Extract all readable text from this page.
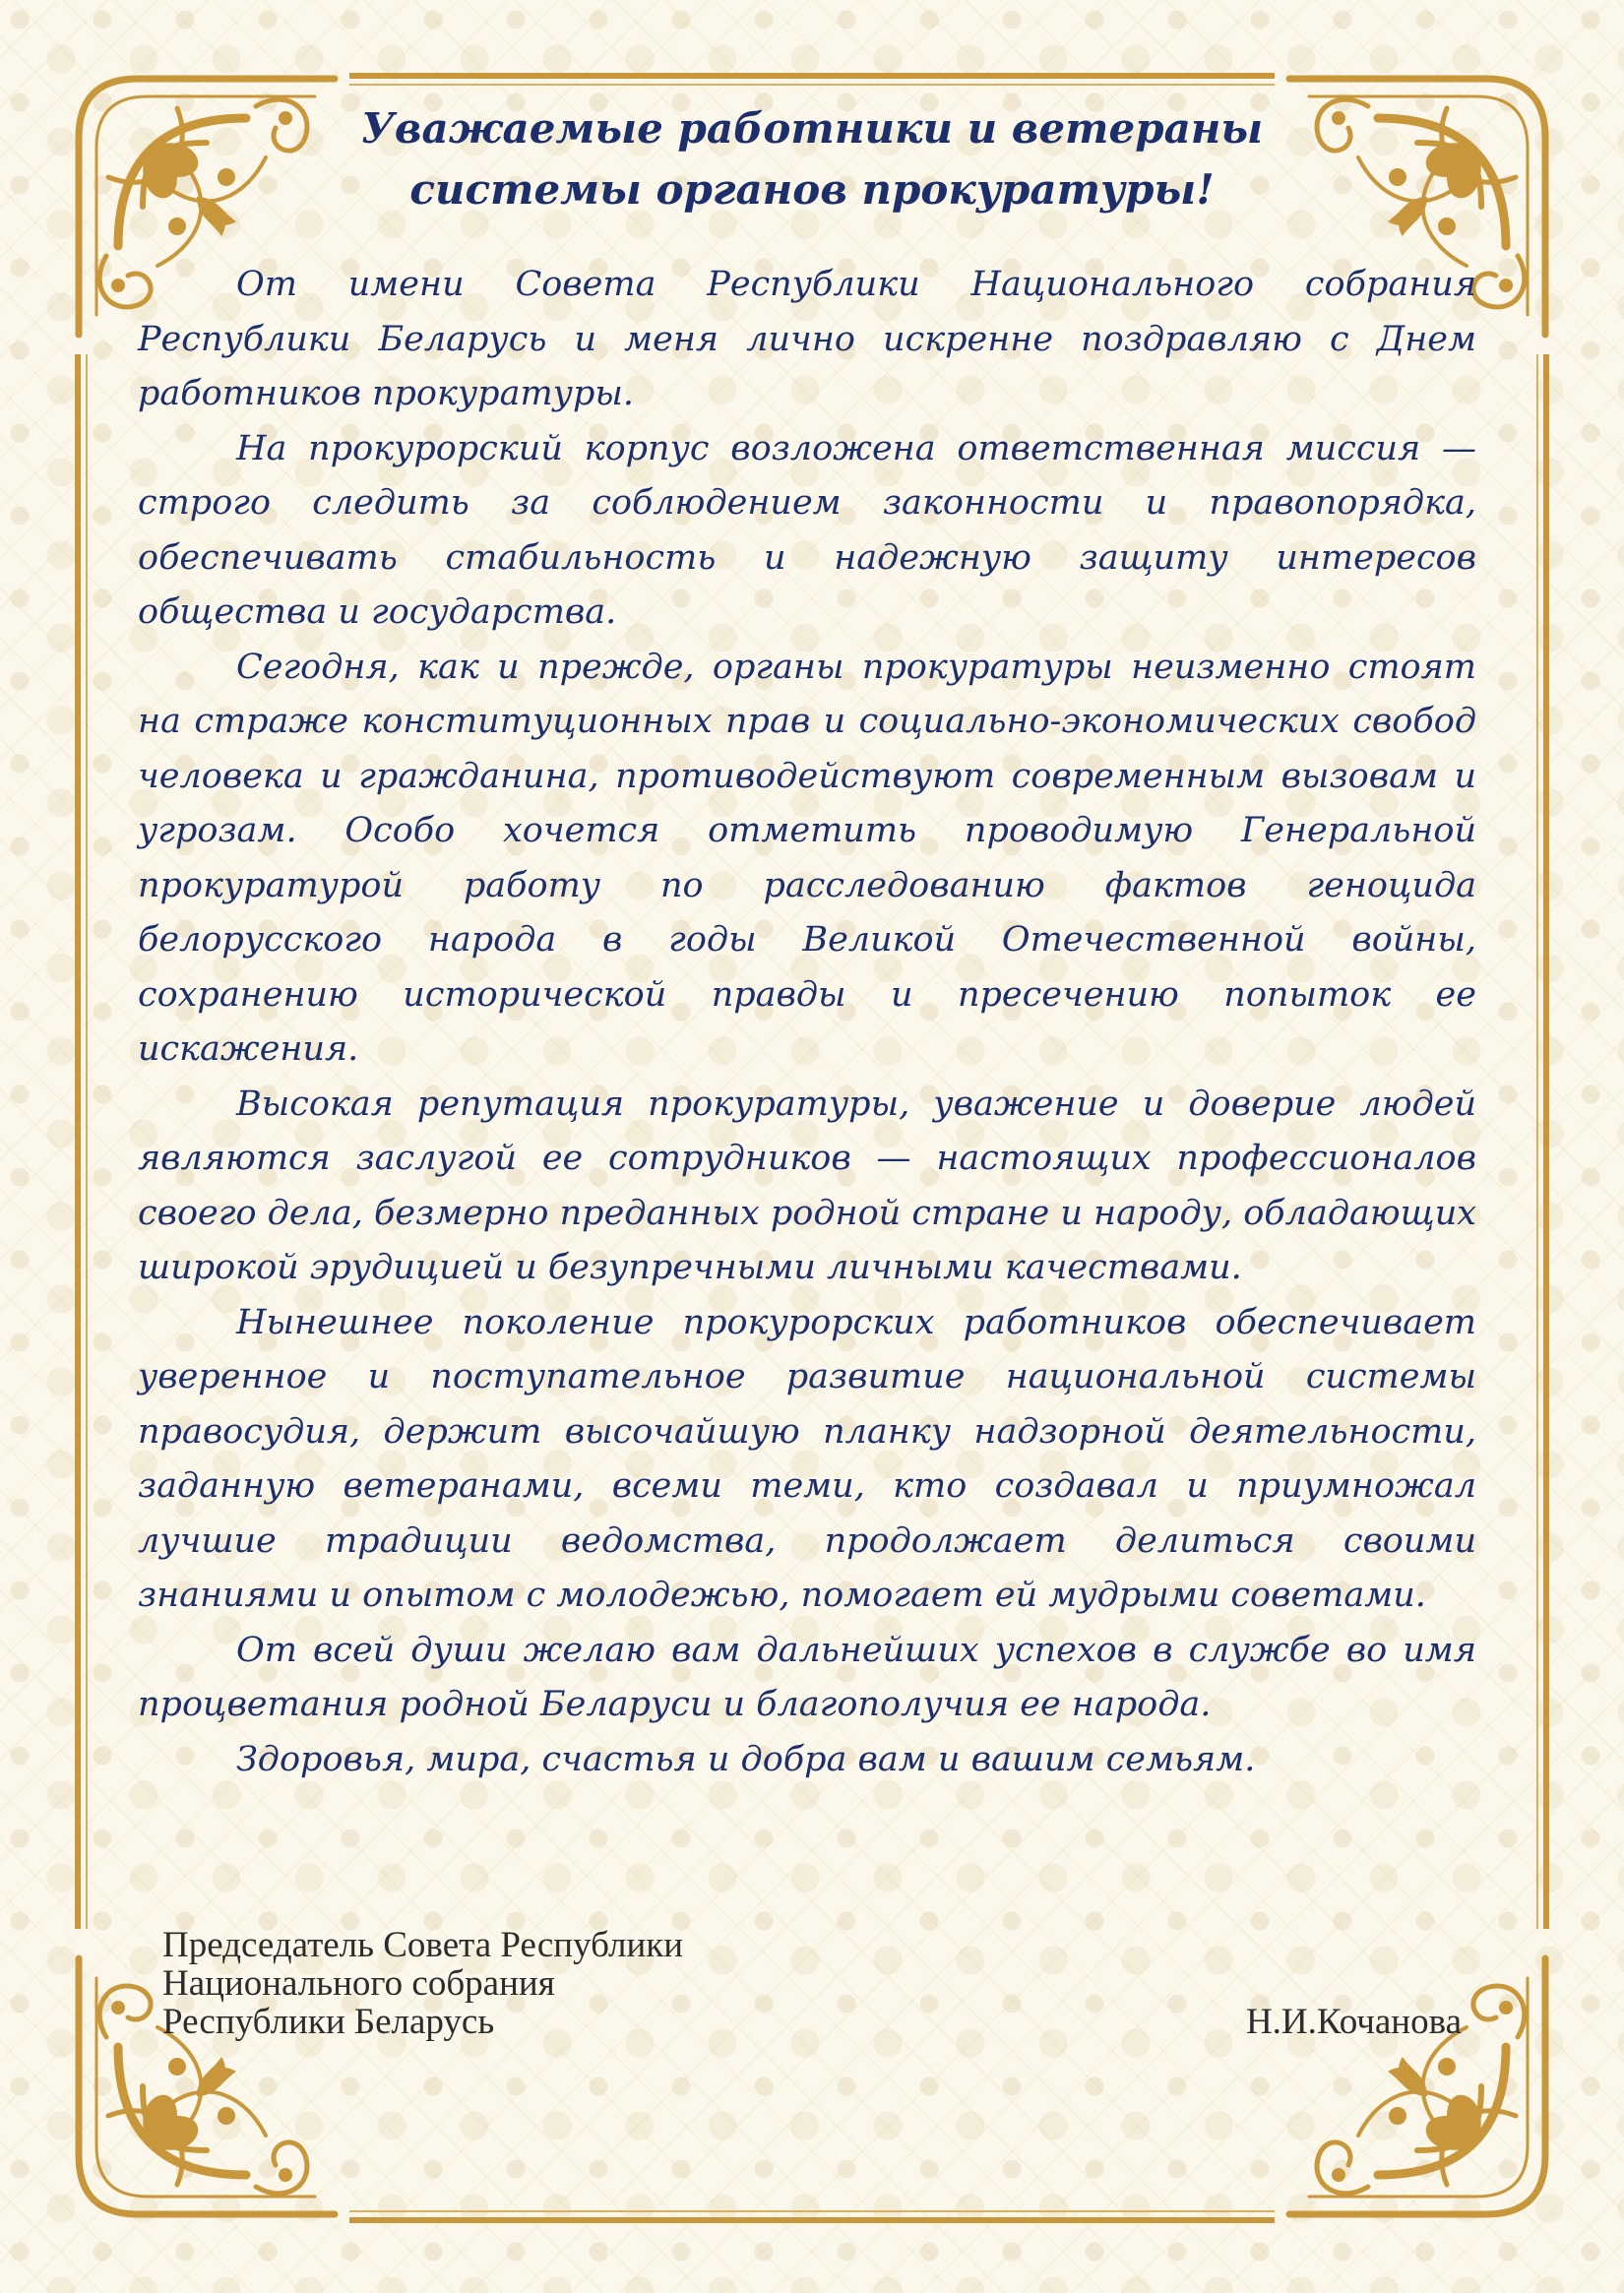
Уважаемые работники и ветераны
системы органов прокуратуры!

От имени Совета Республики Национального собрания Республики Беларусь и меня лично искренне поздравляю с Днем работников прокуратуры.

На прокурорский корпус возложена ответственная миссия — строго следить за соблюдением законности и правопорядка, обеспечивать стабильность и надежную защиту интересов общества и государства.

Сегодня, как и прежде, органы прокуратуры неизменно стоят на страже конституционных прав и социально-экономических свобод человека и гражданина, противодействуют современным вызовам и угрозам. Особо хочется отметить проводимую Генеральной прокуратурой работу по расследованию фактов геноцида белорусского народа в годы Великой Отечественной войны, сохранению исторической правды и пресечению попыток ее искажения.

Высокая репутация прокуратуры, уважение и доверие людей являются заслугой ее сотрудников — настоящих профессионалов своего дела, безмерно преданных родной стране и народу, обладающих широкой эрудицией и безупречными личными качествами.

Нынешнее поколение прокурорских работников обеспечивает уверенное и поступательное развитие национальной системы правосудия, держит высочайшую планку надзорной деятельности, заданную ветеранами, всеми теми, кто создавал и приумножал лучшие традиции ведомства, продолжает делиться своими знаниями и опытом с молодежью, помогает ей мудрыми советами.

От всей души желаю вам дальнейших успехов в службе во имя процветания родной Беларуси и благополучия ее народа.

Здоровья, мира, счастья и добра вам и вашим семьям.

Председатель Совета Республики
Национального собрания
Республики Беларусь	Н.И.Кочанова
